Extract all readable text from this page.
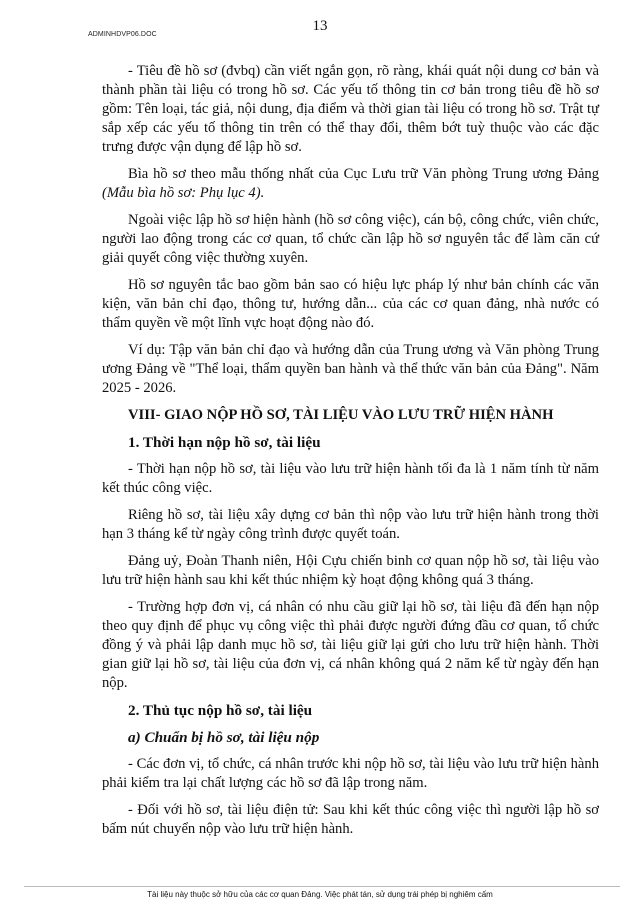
ADMINHDVP06.DOC
13

- Tiêu đề hồ sơ (đvbq) cần viết ngắn gọn, rõ ràng, khái quát nội dung cơ bản và thành phần tài liệu có trong hồ sơ. Các yếu tố thông tin cơ bản trong tiêu đề hồ sơ gồm: Tên loại, tác giả, nội dung, địa điểm và thời gian tài liệu có trong hồ sơ. Trật tự sắp xếp các yếu tố thông tin trên có thể thay đổi, thêm bớt tuỳ thuộc vào các đặc trưng được vận dụng để lập hồ sơ.

Bìa hồ sơ theo mẫu thống nhất của Cục Lưu trữ Văn phòng Trung ương Đảng (Mẫu bìa hồ sơ: Phụ lục 4).

Ngoài việc lập hồ sơ hiện hành (hồ sơ công việc), cán bộ, công chức, viên chức, người lao động trong các cơ quan, tổ chức cần lập hồ sơ nguyên tắc để làm căn cứ giải quyết công việc thường xuyên.

Hồ sơ nguyên tắc bao gồm bản sao có hiệu lực pháp lý như bản chính các văn kiện, văn bản chỉ đạo, thông tư, hướng dẫn... của các cơ quan đảng, nhà nước có thẩm quyền về một lĩnh vực hoạt động nào đó.

Ví dụ: Tập văn bản chỉ đạo và hướng dẫn của Trung ương và Văn phòng Trung ương Đảng về "Thể loại, thẩm quyền ban hành và thể thức văn bản của Đảng". Năm 2025 - 2026.

VIII- GIAO NỘP HỒ SƠ, TÀI LIỆU VÀO LƯU TRỮ HIỆN HÀNH
1. Thời hạn nộp hồ sơ, tài liệu

- Thời hạn nộp hồ sơ, tài liệu vào lưu trữ hiện hành tối đa là 1 năm tính từ năm kết thúc công việc.

Riêng hồ sơ, tài liệu xây dựng cơ bản thì nộp vào lưu trữ hiện hành trong thời hạn 3 tháng kể từ ngày công trình được quyết toán.

Đảng uỷ, Đoàn Thanh niên, Hội Cựu chiến binh cơ quan nộp hồ sơ, tài liệu vào lưu trữ hiện hành sau khi kết thúc nhiệm kỳ hoạt động không quá 3 tháng.

- Trường hợp đơn vị, cá nhân có nhu cầu giữ lại hồ sơ, tài liệu đã đến hạn nộp theo quy định để phục vụ công việc thì phải được người đứng đầu cơ quan, tổ chức đồng ý và phải lập danh mục hồ sơ, tài liệu giữ lại gửi cho lưu trữ hiện hành. Thời gian giữ lại hồ sơ, tài liệu của đơn vị, cá nhân không quá 2 năm kể từ ngày đến hạn nộp.

2. Thủ tục nộp hồ sơ, tài liệu
a) Chuẩn bị hồ sơ, tài liệu nộp

- Các đơn vị, tổ chức, cá nhân trước khi nộp hồ sơ, tài liệu vào lưu trữ hiện hành phải kiểm tra lại chất lượng các hồ sơ đã lập trong năm.

- Đối với hồ sơ, tài liệu điện tử: Sau khi kết thúc công việc thì người lập hồ sơ bấm nút chuyển nộp vào lưu trữ hiện hành.

Tài liệu này thuộc sở hữu của các cơ quan Đảng. Việc phát tán, sử dụng trái phép bị nghiêm cấm
